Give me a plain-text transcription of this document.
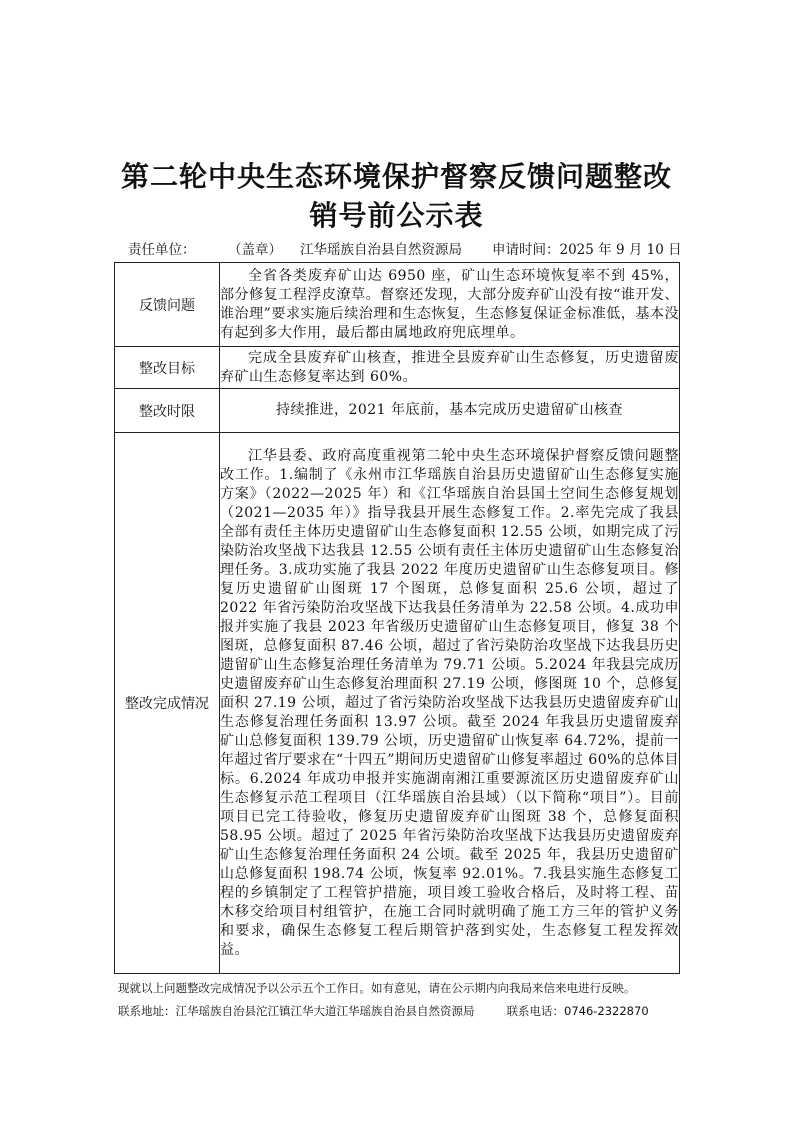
第二轮中央生态环境保护督察反馈问题整改
销号前公示表
责任单位： （盖章） 江华瑶族自治县自然资源局 申请时间：2025 年 9 月 10 日
反馈问题	全省各类废弃矿山达 6950 座，矿山生态环境恢复率不到 45%，部分修复工程浮皮潦草。督察还发现，大部分废弃矿山没有按“谁开发、谁治理”要求实施后续治理和生态恢复，生态修复保证金标准低，基本没有起到多大作用，最后都由属地政府兜底埋单。

整改目标	完成全县废弃矿山核查，推进全县废弃矿山生态修复，历史遗留废弃矿山生态修复率达到 60%。

整改时限	持续推进，2021 年底前，基本完成历史遗留矿山核查
整改完成情况	江华县委、政府高度重视第二轮中央生态环境保护督察反馈问题整改工作。1.编制了《永州市江华瑶族自治县历史遗留矿山生态修复实施方案》（2022—2025 年）和《江华瑶族自治县国土空间生态修复规划（2021—2035 年）》指导我县开展生态修复工作。2.率先完成了我县全部有责任主体历史遗留矿山生态修复面积 12.55 公顷，如期完成了污染防治攻坚战下达我县 12.55 公顷有责任主体历史遗留矿山生态修复治理任务。3.成功实施了我县 2022 年度历史遗留矿山生态修复项目。修复历史遗留矿山图斑 17 个图斑，总修复面积 25.6 公顷，超过了 2022 年省污染防治攻坚战下达我县任务清单为 22.58 公顷。4.成功申报并实施了我县 2023 年省级历史遗留矿山生态修复项目，修复 38 个图斑，总修复面积 87.46 公顷，超过了省污染防治攻坚战下达我县历史遗留矿山生态修复治理任务清单为 79.71 公顷。5.2024 年我县完成历史遗留废弃矿山生态修复治理面积 27.19 公顷，修图斑 10 个，总修复面积 27.19 公顷，超过了省污染防治攻坚战下达我县历史遗留废弃矿山生态修复治理任务面积 13.97 公顷。截至 2024 年我县历史遗留废弃矿山总修复面积 139.79 公顷，历史遗留矿山恢复率 64.72%，提前一年超过省厅要求在“十四五”期间历史遗留矿山修复率超过 60%的总体目标。6.2024 年成功申报并实施湖南湘江重要源流区历史遗留废弃矿山生态修复示范工程项目（江华瑶族自治县域）（以下简称“项目”）。目前项目已完工待验收，修复历史遗留废弃矿山图斑 38 个，总修复面积 58.95 公顷。超过了 2025 年省污染防治攻坚战下达我县历史遗留废弃矿山生态修复治理任务面积 24 公顷。截至 2025 年，我县历史遗留矿山总修复面积 198.74 公顷，恢复率 92.01%。7.我县实施生态修复工程的乡镇制定了工程管护措施，项目竣工验收合格后，及时将工程、苗木移交给项目村组管护，在施工合同时就明确了施工方三年的管护义务和要求，确保生态修复工程后期管护落到实处，生态修复工程发挥效益。

现就以上问题整改完成情况予以公示五个工作日。如有意见，请在公示期内向我局来信来电进行反映。
联系地址：江华瑶族自治县沱江镇江华大道江华瑶族自治县自然资源局	联系电话：0746-2322870
